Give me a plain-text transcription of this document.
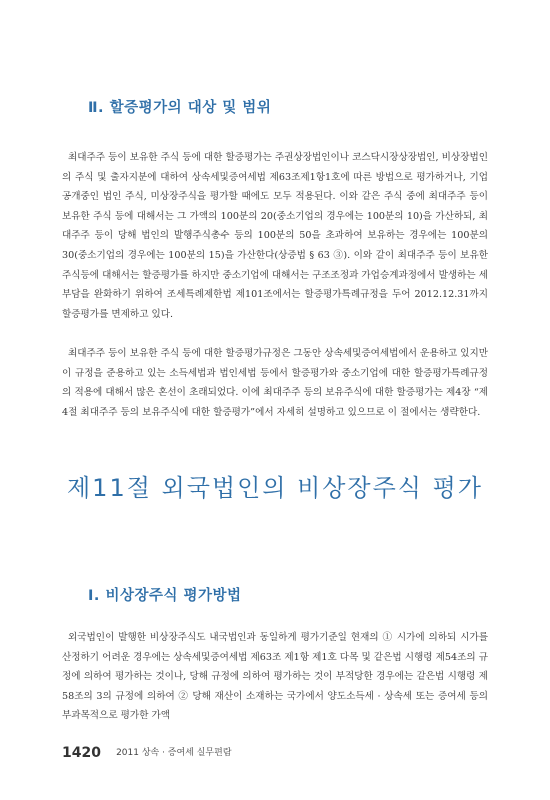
Ⅱ. 할증평가의 대상 및 범위

최대주주 등이 보유한 주식 등에 대한 할증평가는 주권상장법인이나 코스닥시장상장법인, 비상장법인의 주식 및 출자지분에 대하여 상속세및증여세법 제63조제1항1호에 따른 방법으로 평가하거나, 기업공개중인 법인 주식, 미상장주식을 평가할 때에도 모두 적용된다. 이와 같은 주식 중에 최대주주 등이 보유한 주식 등에 대해서는 그 가액의 100분의 20(중소기업의 경우에는 100분의 10)을 가산하되, 최대주주 등이 당해 법인의 발행주식총수 등의 100분의 50을 초과하여 보유하는 경우에는 100분의 30(중소기업의 경우에는 100분의 15)을 가산한다(상증법 § 63 ③). 이와 같이 최대주주 등이 보유한 주식등에 대해서는 할증평가를 하지만 중소기업에 대해서는 구조조정과 가업승계과정에서 발생하는 세부담을 완화하기 위하여 조세특례제한법 제101조에서는 할증평가특례규정을 두어 2012.12.31까지 할증평가를 면제하고 있다.

최대주주 등이 보유한 주식 등에 대한 할증평가규정은 그동안 상속세및증여세법에서 운용하고 있지만 이 규정을 준용하고 있는 소득세법과 법인세법 등에서 할증평가와 중소기업에 대한 할증평가특례규정의 적용에 대해서 많은 혼선이 초래되었다. 이에 최대주주 등의 보유주식에 대한 할증평가는 제4장 “제4절 최대주주 등의 보유주식에 대한 할증평가”에서 자세히 설명하고 있으므로 이 절에서는 생략한다.

제11절 외국법인의 비상장주식 평가
Ⅰ. 비상장주식 평가방법

외국법인이 발행한 비상장주식도 내국법인과 동일하게 평가기준일 현재의 ① 시가에 의하되 시가를 산정하기 어려운 경우에는 상속세및증여세법 제63조 제1항 제1호 다목 및 같은법 시행령 제54조의 규정에 의하여 평가하는 것이나, 당해 규정에 의하여 평가하는 것이 부적당한 경우에는 같은법 시행령 제58조의 3의 규정에 의하여 ② 당해 재산이 소재하는 국가에서 양도소득세 · 상속세 또는 증여세 등의 부과목적으로 평가한 가액

1420 2011 상속 · 증여세 실무편람
